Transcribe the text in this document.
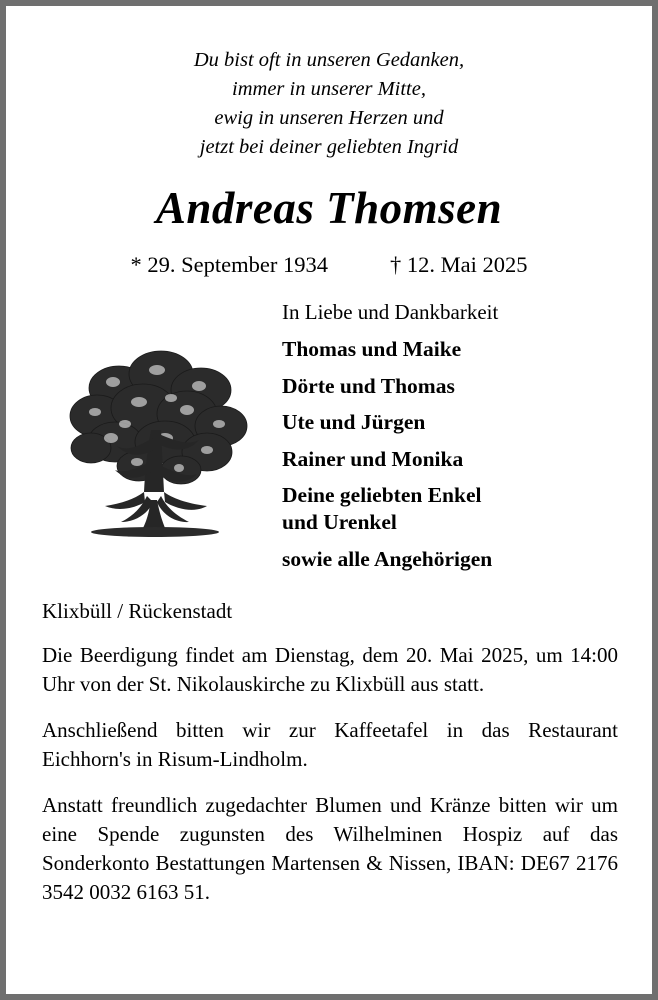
Du bist oft in unseren Gedanken,
immer in unserer Mitte,
ewig in unseren Herzen und
jetzt bei deiner geliebten Ingrid
Andreas Thomsen
* 29. September 1934	† 12. Mai 2025
In Liebe und Dankbarkeit
Thomas und Maike
Dörte und Thomas
Ute und Jürgen
Rainer und Monika
Deine geliebten Enkel
und Urenkel
sowie alle Angehörigen
Klixbüll / Rückenstadt
Die Beerdigung findet am Dienstag, dem 20. Mai 2025, um 14:00 Uhr von der St. Nikolauskirche zu Klixbüll aus statt.
Anschließend bitten wir zur Kaffeetafel in das Restaurant Eichhorn's in Risum-Lindholm.
Anstatt freundlich zugedachter Blumen und Kränze bitten wir um eine Spende zugunsten des Wilhelminen Hospiz auf das Sonderkonto Bestattungen Martensen & Nissen, IBAN: DE67 2176 3542 0032 6163 51.
